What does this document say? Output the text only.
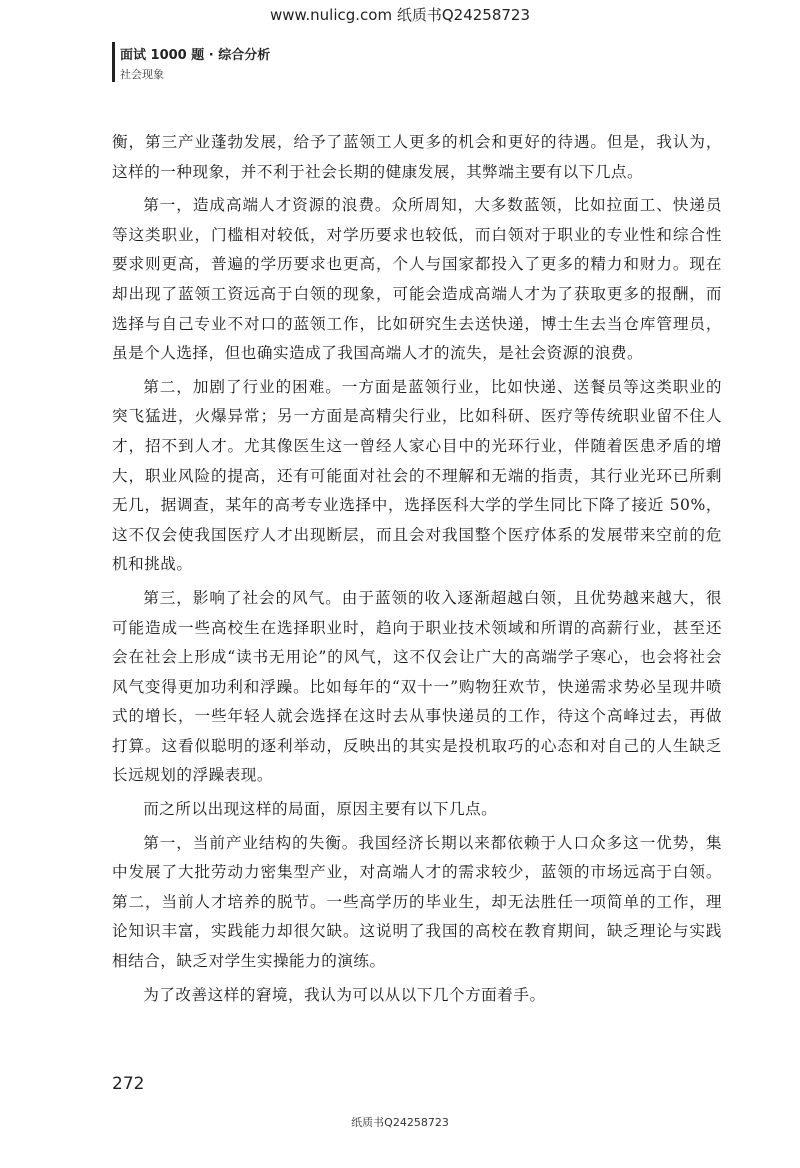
www.nulicg.com 纸质书Q24258723
面试 1000 题 · 综合分析
社会现象

衡，第三产业蓬勃发展，给予了蓝领工人更多的机会和更好的待遇。但是，我认为，这样的一种现象，并不利于社会长期的健康发展，其弊端主要有以下几点。

第一，造成高端人才资源的浪费。众所周知，大多数蓝领，比如拉面工、快递员等这类职业，门槛相对较低，对学历要求也较低，而白领对于职业的专业性和综合性要求则更高，普遍的学历要求也更高，个人与国家都投入了更多的精力和财力。现在却出现了蓝领工资远高于白领的现象，可能会造成高端人才为了获取更多的报酬，而选择与自己专业不对口的蓝领工作，比如研究生去送快递，博士生去当仓库管理员，虽是个人选择，但也确实造成了我国高端人才的流失，是社会资源的浪费。

第二，加剧了行业的困难。一方面是蓝领行业，比如快递、送餐员等这类职业的突飞猛进，火爆异常；另一方面是高精尖行业，比如科研、医疗等传统职业留不住人才，招不到人才。尤其像医生这一曾经人家心目中的光环行业，伴随着医患矛盾的增大，职业风险的提高，还有可能面对社会的不理解和无端的指责，其行业光环已所剩无几，据调查，某年的高考专业选择中，选择医科大学的学生同比下降了接近 50%，这不仅会使我国医疗人才出现断层，而且会对我国整个医疗体系的发展带来空前的危机和挑战。

第三，影响了社会的风气。由于蓝领的收入逐渐超越白领，且优势越来越大，很可能造成一些高校生在选择职业时，趋向于职业技术领域和所谓的高薪行业，甚至还会在社会上形成“读书无用论”的风气，这不仅会让广大的高端学子寒心，也会将社会风气变得更加功利和浮躁。比如每年的“双十一”购物狂欢节，快递需求势必呈现井喷式的增长，一些年轻人就会选择在这时去从事快递员的工作，待这个高峰过去，再做打算。这看似聪明的逐利举动，反映出的其实是投机取巧的心态和对自己的人生缺乏长远规划的浮躁表现。

而之所以出现这样的局面，原因主要有以下几点。

第一，当前产业结构的失衡。我国经济长期以来都依赖于人口众多这一优势，集中发展了大批劳动力密集型产业，对高端人才的需求较少，蓝领的市场远高于白领。第二，当前人才培养的脱节。一些高学历的毕业生，却无法胜任一项简单的工作，理论知识丰富，实践能力却很欠缺。这说明了我国的高校在教育期间，缺乏理论与实践相结合，缺乏对学生实操能力的演练。

为了改善这样的窘境，我认为可以从以下几个方面着手。

272
纸质书Q24258723
